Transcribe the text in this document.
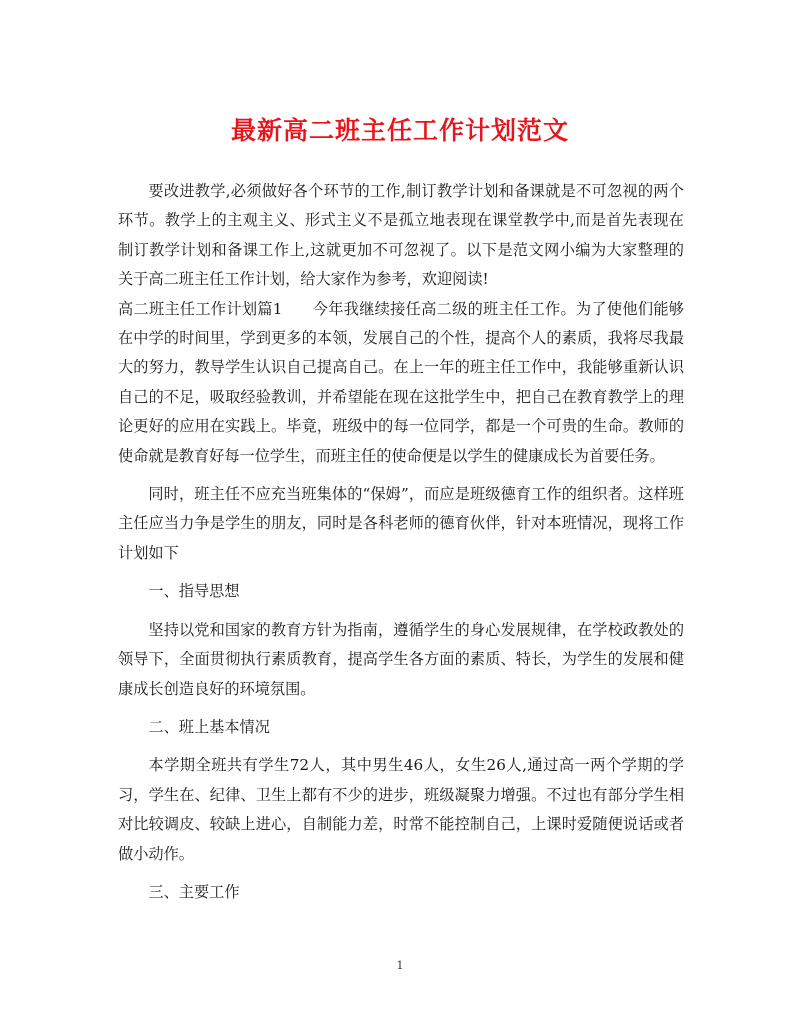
最新高二班主任工作计划范文

要改进教学,必须做好各个环节的工作,制订教学计划和备课就是不可忽视的两个环节。教学上的主观主义、形式主义不是孤立地表现在课堂教学中,而是首先表现在制订教学计划和备课工作上,这就更加不可忽视了。以下是范文网小编为大家整理的关于高二班主任工作计划，给大家作为参考，欢迎阅读!

高二班主任工作计划篇1 今年我继续接任高二级的班主任工作。为了使他们能够在中学的时间里，学到更多的本领，发展自己的个性，提高个人的素质，我将尽我最大的努力，教导学生认识自己提高自己。在上一年的班主任工作中，我能够重新认识自己的不足，吸取经验教训，并希望能在现在这批学生中，把自己在教育教学上的理论更好的应用在实践上。毕竟，班级中的每一位同学，都是一个可贵的生命。教师的使命就是教育好每一位学生，而班主任的使命便是以学生的健康成长为首要任务。

同时，班主任不应充当班集体的“保姆”，而应是班级德育工作的组织者。这样班主任应当力争是学生的朋友，同时是各科老师的德育伙伴，针对本班情况，现将工作计划如下

一、指导思想

坚持以党和国家的教育方针为指南，遵循学生的身心发展规律，在学校政教处的领导下，全面贯彻执行素质教育，提高学生各方面的素质、特长，为学生的发展和健康成长创造良好的环境氛围。

二、班上基本情况

本学期全班共有学生72人，其中男生46人，女生26人,通过高一两个学期的学习，学生在、纪律、卫生上都有不少的进步，班级凝聚力增强。不过也有部分学生相对比较调皮、较缺上进心，自制能力差，时常不能控制自己，上课时爱随便说话或者做小动作。

三、主要工作

1
